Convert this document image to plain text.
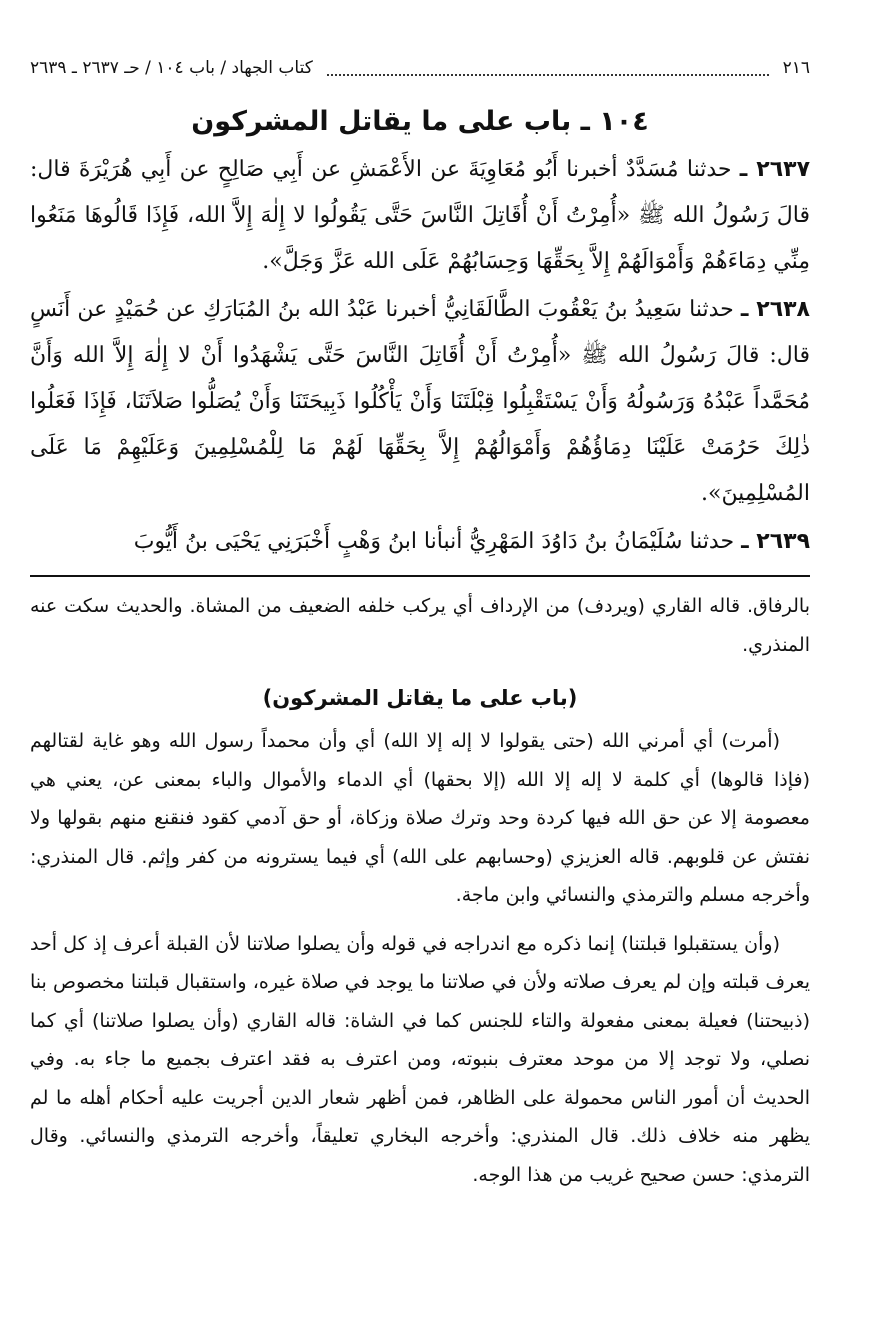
٢١٦
كتاب الجهاد / باب ١٠٤ / حـ ٢٦٣٧ ـ ٢٦٣٩
١٠٤ ـ باب على ما يقاتل المشركون

٢٦٣٧ ـ حدثنا مُسَدَّدٌ أخبرنا أَبُو مُعَاوِيَةَ عن الأَعْمَشِ عن أَبِي صَالِحٍ عن أَبِي هُرَيْرَةَ قال: قالَ رَسُولُ الله ﷺ «أُمِرْتُ أَنْ أُقَاتِلَ النَّاسَ حَتَّى يَقُولُوا لا إِلٰهَ إِلاَّ الله، فَإِذَا قَالُوهَا مَنَعُوا مِنِّي دِمَاءَهُمْ وَأَمْوَالَهُمْ إِلاَّ بِحَقِّهَا وَحِسَابُهُمْ عَلَى الله عَزَّ وَجَلَّ».

٢٦٣٨ ـ حدثنا سَعِيدُ بنُ يَعْقُوبَ الطَّالَقَانِيُّ أخبرنا عَبْدُ الله بنُ المُبَارَكِ عن حُمَيْدٍ عن أَنَسٍ قال: قالَ رَسُولُ الله ﷺ «أُمِرْتُ أَنْ أُقَاتِلَ النَّاسَ حَتَّى يَشْهَدُوا أَنْ لا إِلٰهَ إِلاَّ الله وَأَنَّ مُحَمَّداً عَبْدُهُ وَرَسُولُهُ وَأَنْ يَسْتَقْبِلُوا قِبْلَتَنَا وَأَنْ يَأْكُلُوا ذَبِيحَتَنَا وَأَنْ يُصَلُّوا صَلاَتَنَا، فَإِذَا فَعَلُوا ذٰلِكَ حَرُمَتْ عَلَيْنَا دِمَاؤُهُمْ وَأَمْوَالُهُمْ إِلاَّ بِحَقِّهَا لَهُمْ مَا لِلْمُسْلِمِينَ وَعَلَيْهِمْ مَا عَلَى المُسْلِمِينَ».

٢٦٣٩ ـ حدثنا سُلَيْمَانُ بنُ دَاوُدَ المَهْرِيُّ أنبأنا ابنُ وَهْبٍ أَخْبَرَنِي يَحْيَى بنُ أَيُّوبَ

بالرفاق. قاله القاري (ويردف) من الإرداف أي يركب خلفه الضعيف من المشاة. والحديث سكت عنه المنذري.

(باب على ما يقاتل المشركون)

(أمرت) أي أمرني الله (حتى يقولوا لا إله إلا الله) أي وأن محمداً رسول الله وهو غاية لقتالهم (فإذا قالوها) أي كلمة لا إله إلا الله (إلا بحقها) أي الدماء والأموال والباء بمعنى عن، يعني هي معصومة إلا عن حق الله فيها كردة وحد وترك صلاة وزكاة، أو حق آدمي كقود فنقنع منهم بقولها ولا نفتش عن قلوبهم. قاله العزيزي (وحسابهم على الله) أي فيما يسترونه من كفر وإثم. قال المنذري: وأخرجه مسلم والترمذي والنسائي وابن ماجة.

(وأن يستقبلوا قبلتنا) إنما ذكره مع اندراجه في قوله وأن يصلوا صلاتنا لأن القبلة أعرف إذ كل أحد يعرف قبلته وإن لم يعرف صلاته ولأن في صلاتنا ما يوجد في صلاة غيره، واستقبال قبلتنا مخصوص بنا (ذبيحتنا) فعيلة بمعنى مفعولة والتاء للجنس كما في الشاة: قاله القاري (وأن يصلوا صلاتنا) أي كما نصلي، ولا توجد إلا من موحد معترف بنبوته، ومن اعترف به فقد اعترف بجميع ما جاء به. وفي الحديث أن أمور الناس محمولة على الظاهر، فمن أظهر شعار الدين أجريت عليه أحكام أهله ما لم يظهر منه خلاف ذلك. قال المنذري: وأخرجه البخاري تعليقاً، وأخرجه الترمذي والنسائي. وقال الترمذي: حسن صحيح غريب من هذا الوجه.
